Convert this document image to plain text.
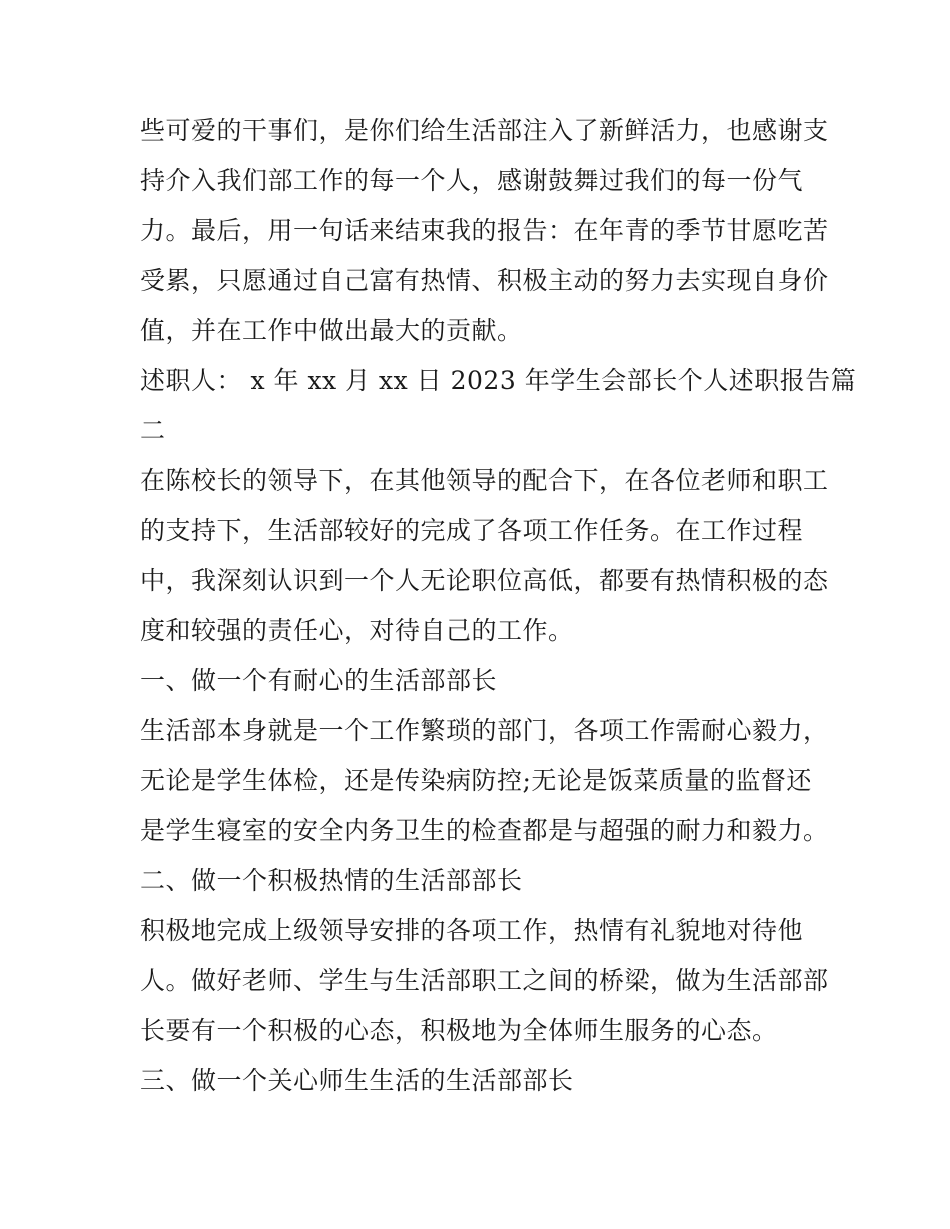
些可爱的干事们，是你们给生活部注入了新鲜活力，也感谢支
持介入我们部工作的每一个人，感谢鼓舞过我们的每一份气
力。最后，用一句话来结束我的报告：在年青的季节甘愿吃苦
受累，只愿通过自己富有热情、积极主动的努力去实现自身价
值，并在工作中做出最大的贡献。
述职人： x 年 xx 月 xx 日 2023 年学生会部长个人述职报告篇
二
在陈校长的领导下，在其他领导的配合下，在各位老师和职工
的支持下，生活部较好的完成了各项工作任务。在工作过程
中，我深刻认识到一个人无论职位高低，都要有热情积极的态
度和较强的责任心，对待自己的工作。
一、做一个有耐心的生活部部长
生活部本身就是一个工作繁琐的部门，各项工作需耐心毅力，
无论是学生体检，还是传染病防控;无论是饭菜质量的监督还
是学生寝室的安全内务卫生的检查都是与超强的耐力和毅力。
二、做一个积极热情的生活部部长
积极地完成上级领导安排的各项工作，热情有礼貌地对待他
人。做好老师、学生与生活部职工之间的桥梁，做为生活部部
长要有一个积极的心态，积极地为全体师生服务的心态。
三、做一个关心师生生活的生活部部长
